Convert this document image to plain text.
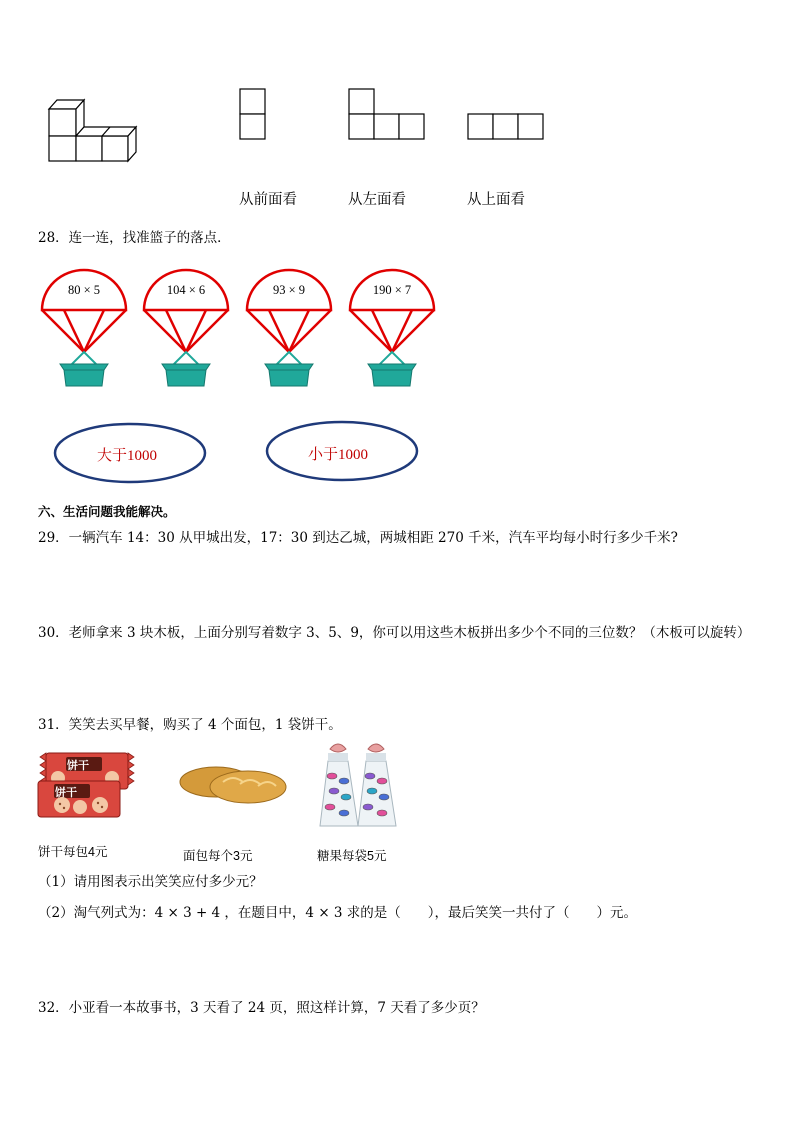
从前面看	从左面看	从上面看
28．连一连，找准篮子的落点．
80 × 5	104 × 6	93 × 9	190 × 7
大于1000	小于1000
六、生活问题我能解决。
29．一辆汽车 14：30 从甲城出发，17：30 到达乙城，两城相距 270 千米，汽车平均每小时行多少千米?
30．老师拿来 3 块木板，上面分别写着数字 3、5、9，你可以用这些木板拼出多少个不同的三位数？（木板可以旋转）
31．笑笑去买早餐，购买了 4 个面包，1 袋饼干。
饼干
饼干
饼干每包4元	面包每个3元	糖果每袋5元
（1）请用图表示出笑笑应付多少元？
（2）淘气列式为：4 × 3 + 4 ，在题目中，4 × 3 求的是（　　），最后笑笑一共付了（　　）元。
32．小亚看一本故事书，3 天看了 24 页，照这样计算，7 天看了多少页？
